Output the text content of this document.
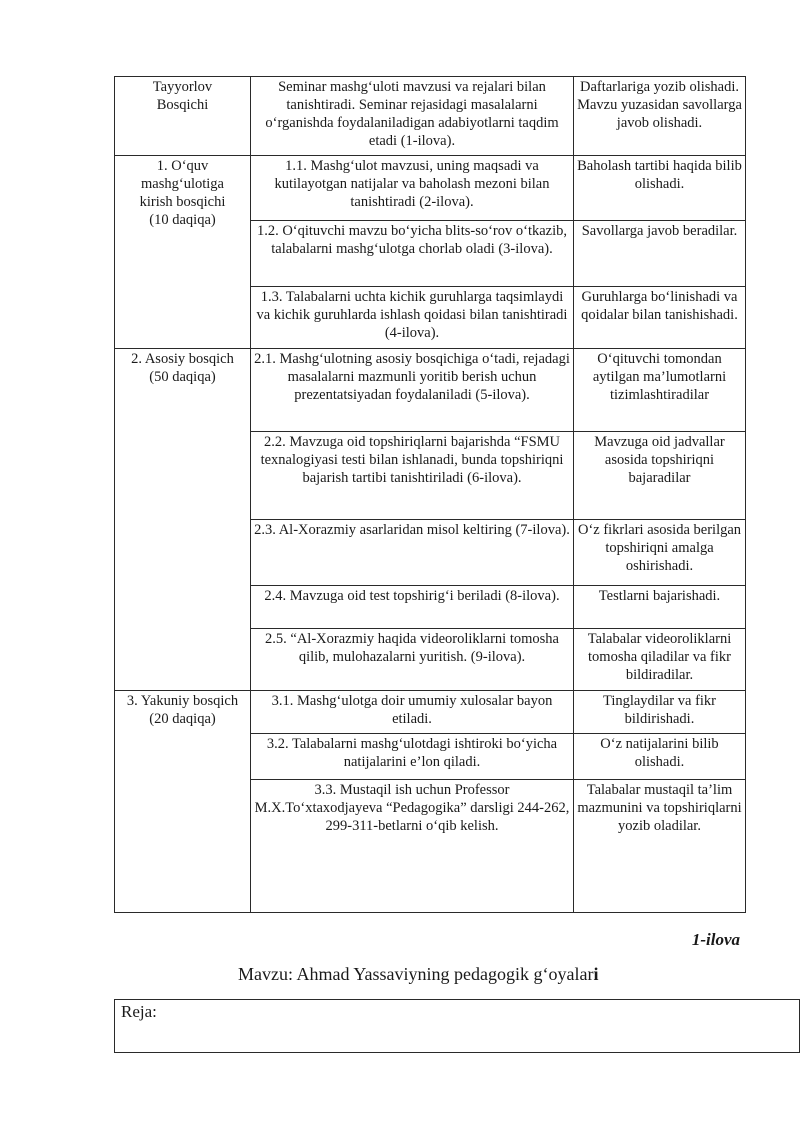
Tayyorlov
Bosqichi	Seminar mashg‘uloti mavzusi va rejalari bilan tanishtiradi. Seminar rejasidagi masalalarni o‘rganishda foydalaniladigan adabiyotlarni taqdim etadi (1-ilova).	Daftarlariga yozib olishadi. Mavzu yuzasidan savollarga javob olishadi.

1. O‘quv
mashg‘ulotiga
kirish bosqichi
(10 daqiqa)	1.1. Mashg‘ulot mavzusi, uning maqsadi va kutilayotgan natijalar va baholash mezoni bilan tanishtiradi (2-ilova).	Baholash tartibi haqida bilib olishadi.
	1.2. O‘qituvchi mavzu bo‘yicha blits-so‘rov o‘tkazib, talabalarni mashg‘ulotga chorlab oladi (3-ilova).	Savollarga javob beradilar.
	1.3. Talabalarni uchta kichik guruhlarga taqsimlaydi va kichik guruhlarda ishlash qoidasi bilan tanishtiradi (4-ilova).	Guruhlarga bo‘linishadi va qoidalar bilan tanishishadi.

2. Asosiy bosqich
(50 daqiqa)	2.1. Mashg‘ulotning asosiy bosqichiga o‘tadi, rejadagi masalalarni mazmunli yoritib berish uchun prezentatsiyadan foydalaniladi (5-ilova).	O‘qituvchi tomondan aytilgan ma’lumotlarni tizimlashtiradilar
	2.2. Mavzuga oid topshiriqlarni bajarishda “FSMU texnalogiyasi testi bilan ishlanadi, bunda topshiriqni bajarish tartibi tanishtiriladi (6-ilova).	Mavzuga oid jadvallar asosida topshiriqni bajaradilar
	2.3. Al-Xorazmiy asarlaridan misol keltiring (7-ilova).	O‘z fikrlari asosida berilgan topshiriqni amalga oshirishadi.
	2.4. Mavzuga oid test topshirig‘i beriladi (8-ilova).	Testlarni bajarishadi.
	2.5. “Al-Xorazmiy haqida videoroliklarni tomosha qilib, mulohazalarni yuritish. (9-ilova).	Talabalar videoroliklarni tomosha qiladilar va fikr bildiradilar.

3. Yakuniy bosqich
(20 daqiqa)	3.1. Mashg‘ulotga doir umumiy xulosalar bayon etiladi.	Tinglaydilar va fikr bildirishadi.
	3.2. Talabalarni mashg‘ulotdagi ishtiroki bo‘yicha natijalarini e’lon qiladi.	O‘z natijalarini bilib olishadi.
	3.3. Mustaqil ish uchun Professor M.X.To‘xtaxodjayeva “Pedagogika” darsligi 244-262, 299-311-betlarni o‘qib kelish.	Talabalar mustaqil ta’lim mazmunini va topshiriqlarni yozib oladilar.
1-ilova
Mavzu: Ahmad Yassaviyning pedagogik g‘oyalari
Reja:
